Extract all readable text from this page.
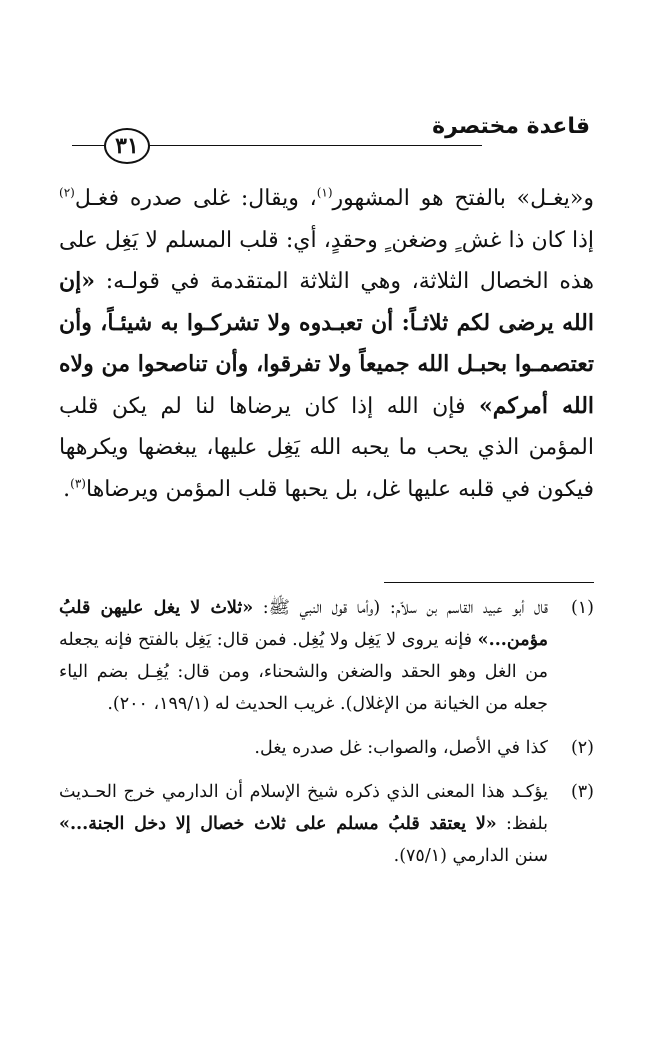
قاعدة مختصرة
٣١

و«يغـل» بالفتح هو المشهور$^{(١)}$، ويقال: غلى صدره فغـل$^{(٢)}$ إذا كان ذا غش ٍ وضغن ٍ وحقدٍ، أي: قلب المسلم لا يَغِل على هذه الخصال الثلاثة، وهي الثلاثة المتقدمة في قولـه: «إن الله يرضى لكم ثلاثـاً: أن تعبـدوه ولا تشركـوا به شيئـاً، وأن تعتصمـوا بحبـل الله جميعاً ولا تفرقوا، وأن تناصحوا من ولاه الله أمركم» فإن الله إذا كان يرضاها لنا لم يكن قلب المؤمن الذي يحب ما يحبه الله يَغِل عليها، يبغضها ويكرهها فيكون في قلبه عليها غل، بل يحبها قلب المؤمن ويرضاها$^{(٣)}$.

(١)
قال أبو عبيد القاسم بن سلاّم: (وأما قول النبي ﷺ: «ثلاث لا يغل عليهن قلبُ مؤمن...» فإنه يروى لا يَغِل ولا يُغِل. فمن قال: يَغِل بالفتح فإنه يجعله من الغل وهو الحقد والضغن والشحناء، ومن قال: يُغِـل بضم الياء جعله من الخيانة من الإغلال). غريب الحديث له (١٩٩/١، ٢٠٠).
(٢)
كذا في الأصل، والصواب: غل صدره يغل.
(٣)
يؤكـد هذا المعنى الذي ذكره شيخ الإسلام أن الدارمي خرج الحـديث بلفظ: «لا يعتقد قلبُ مسلم على ثلاث خصال إلا دخل الجنة...» سنن الدارمي (٧٥/١).
